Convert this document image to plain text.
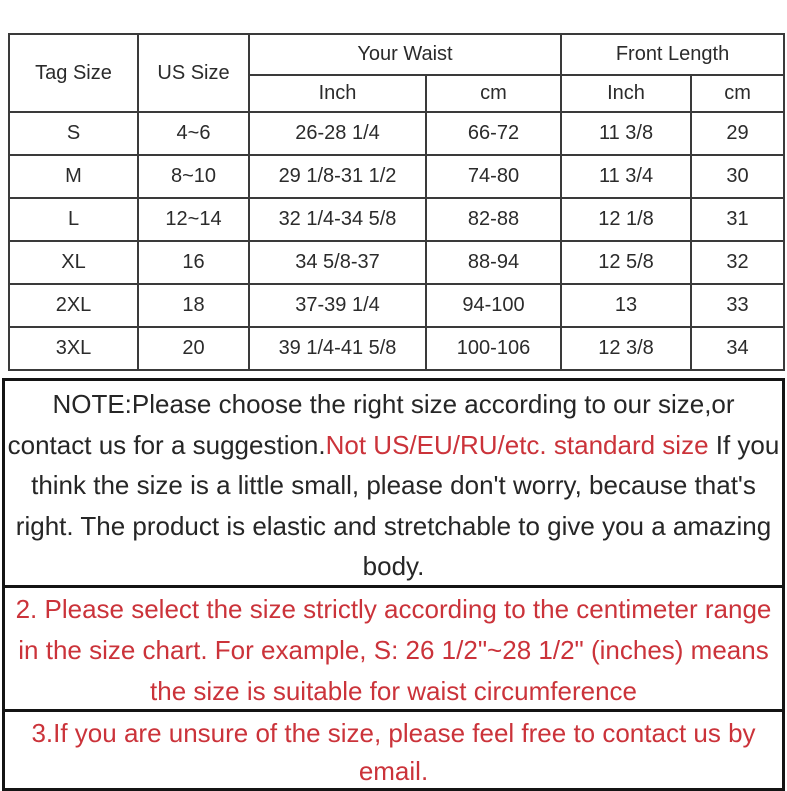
Tag Size	US Size	Your Waist		Front Length	
		Inch	cm	Inch	cm
S	4~6	26-28 1/4	66-72	11 3/8	29
M	8~10	29 1/8-31 1/2	74-80	11 3/4	30
L	12~14	32 1/4-34 5/8	82-88	12 1/8	31
XL	16	34 5/8-37	88-94	12 5/8	32
2XL	18	37-39 1/4	94-100	13	33
3XL	20	39 1/4-41 5/8	100-106	12 3/8	34
NOTE:Please choose the right size according to our size,or contact us for a suggestion.Not US/EU/RU/etc. standard size If you think the size is a little small, please don't worry, because that's right. The product is elastic and stretchable to give you a amazing body.
2. Please select the size strictly according to the centimeter range in the size chart. For example, S: 26 1/2"~28 1/2" (inches) means the size is suitable for waist circumference
3.If you are unsure of the size, please feel free to contact us by email.
